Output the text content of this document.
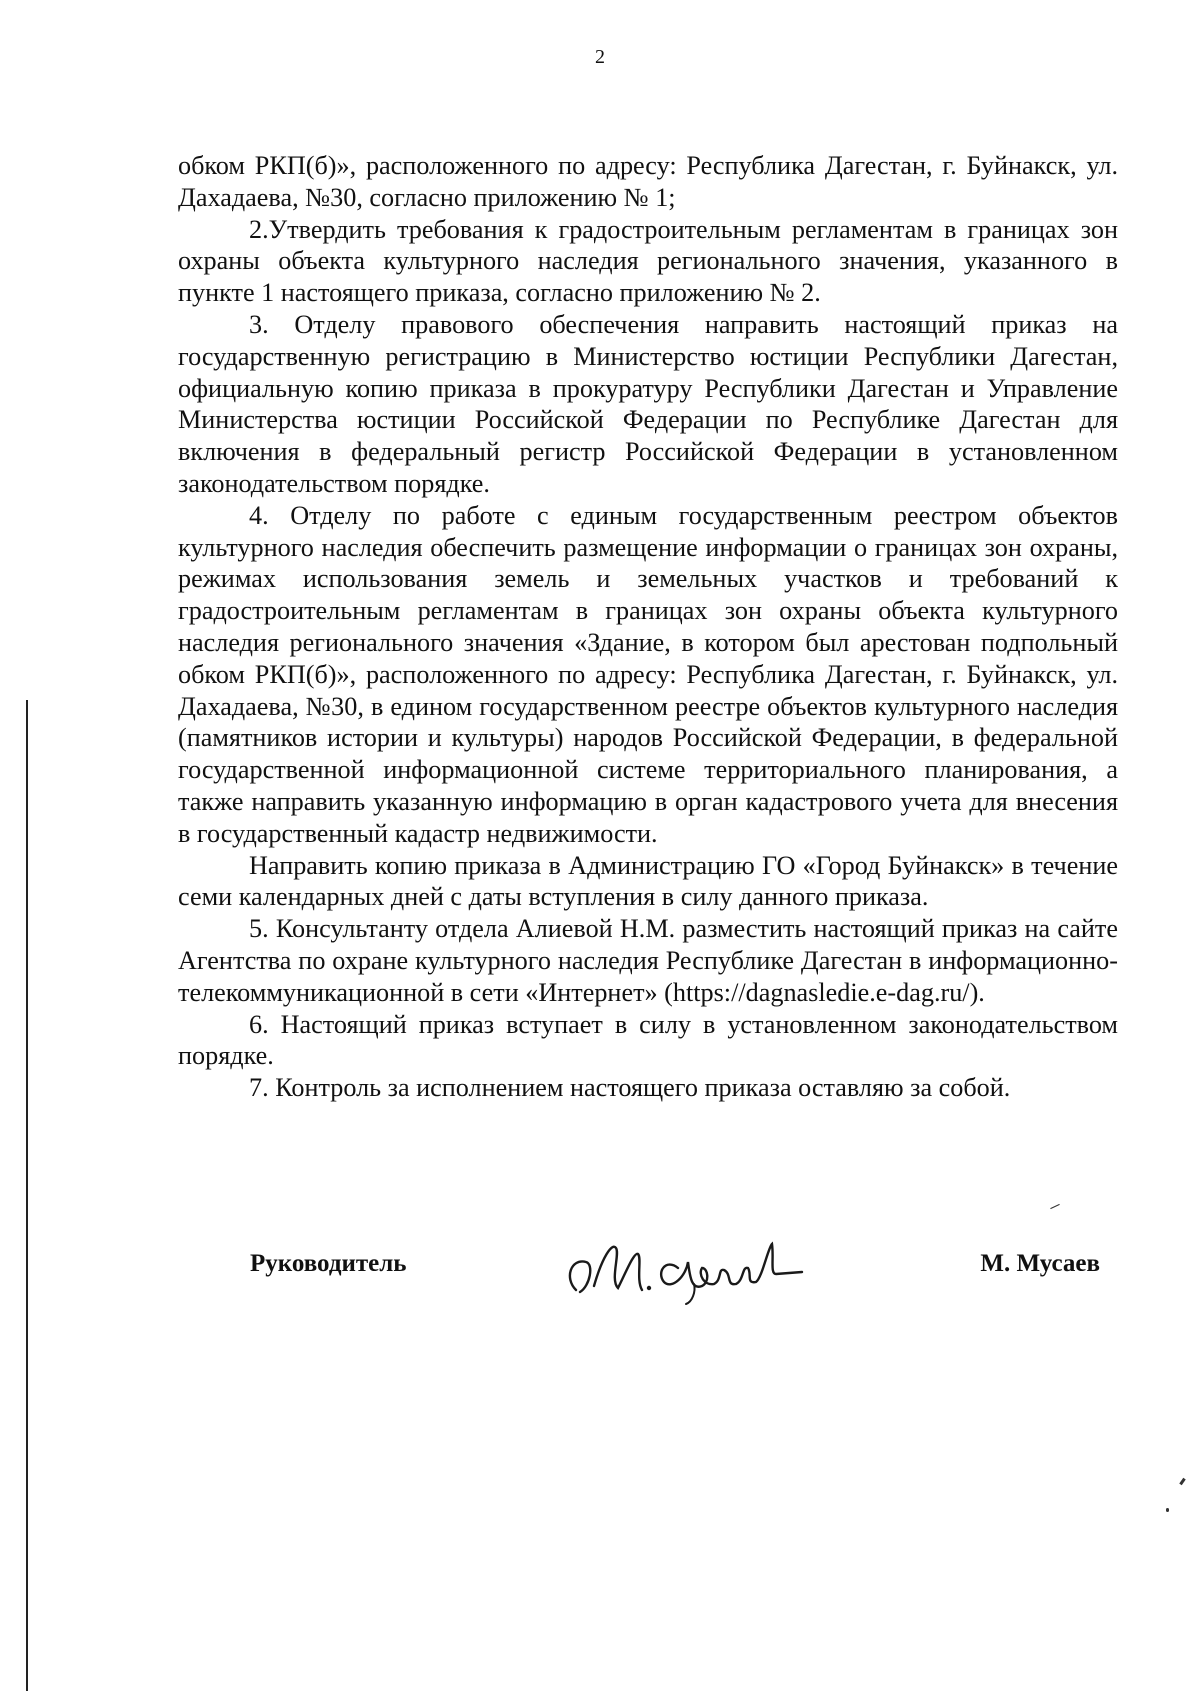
2

обком РКП(б)», расположенного по адресу: Республика Дагестан, г. Буйнакск, ул. Дахадаева, №30, согласно приложению № 1;

2.Утвердить требования к градостроительным регламентам в границах зон охраны объекта культурного наследия регионального значения, указанного в пункте 1 настоящего приказа, согласно приложению № 2.

3. Отделу правового обеспечения направить настоящий приказ на государственную регистрацию в Министерство юстиции Республики Дагестан, официальную копию приказа в прокуратуру Республики Дагестан и Управление Министерства юстиции Российской Федерации по Республике Дагестан для включения в федеральный регистр Российской Федерации в установленном законодательством порядке.

4. Отделу по работе с единым государственным реестром объектов культурного наследия обеспечить размещение информации о границах зон охраны, режимах использования земель и земельных участков и требований к градостроительным регламентам в границах зон охраны объекта культурного наследия регионального значения «Здание, в котором был арестован подпольный обком РКП(б)», расположенного по адресу: Республика Дагестан, г. Буйнакск, ул. Дахадаева, №30, в едином государственном реестре объектов культурного наследия (памятников истории и культуры) народов Российской Федерации, в федеральной государственной информационной системе территориального планирования, а также направить указанную информацию в орган кадастрового учета для внесения в государственный кадастр недвижимости.

Направить копию приказа в Администрацию ГО «Город Буйнакск» в течение семи календарных дней с даты вступления в силу данного приказа.

5. Консультанту отдела Алиевой Н.М. разместить настоящий приказ на сайте Агентства по охране культурного наследия Республике Дагестан в информационно-телекоммуникационной в сети «Интернет» (https://dagnasledie.e-dag.ru/).

6. Настоящий приказ вступает в силу в установленном законодательством порядке.

7. Контроль за исполнением настоящего приказа оставляю за собой.

Руководитель	М. Мусаев
